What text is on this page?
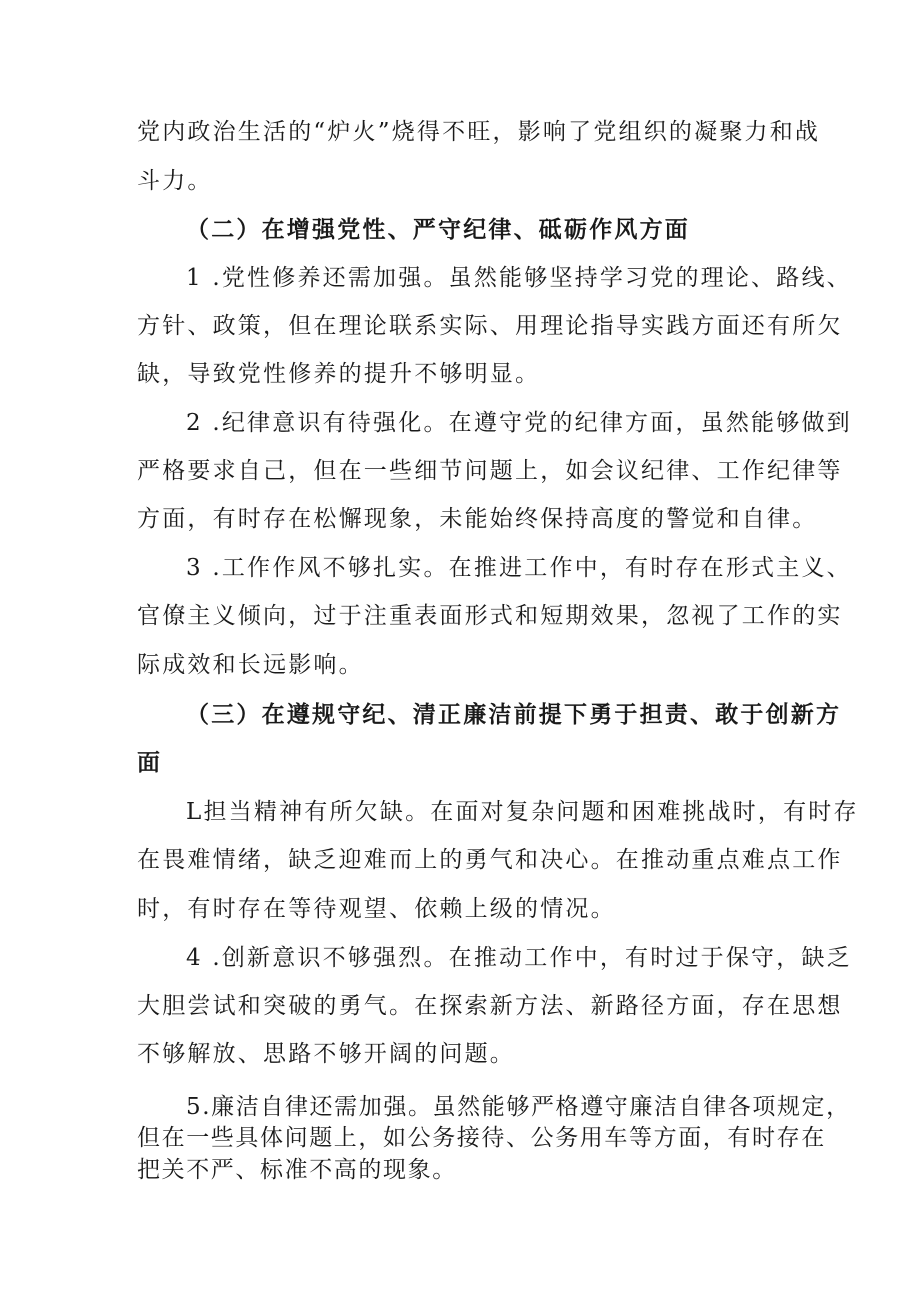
党内政治生活的“炉火”烧得不旺，影响了党组织的凝聚力和战
斗力。
（二）在增强党性、严守纪律、砥砺作风方面
1 .党性修养还需加强。虽然能够坚持学习党的理论、路线、
方针、政策，但在理论联系实际、用理论指导实践方面还有所欠
缺，导致党性修养的提升不够明显。
2 .纪律意识有待强化。在遵守党的纪律方面，虽然能够做到
严格要求自己，但在一些细节问题上，如会议纪律、工作纪律等
方面，有时存在松懈现象，未能始终保持高度的警觉和自律。
3 .工作作风不够扎实。在推进工作中，有时存在形式主义、
官僚主义倾向，过于注重表面形式和短期效果，忽视了工作的实
际成效和长远影响。
（三）在遵规守纪、清正廉洁前提下勇于担责、敢于创新方
面
L担当精神有所欠缺。在面对复杂问题和困难挑战时，有时存
在畏难情绪，缺乏迎难而上的勇气和决心。在推动重点难点工作
时，有时存在等待观望、依赖上级的情况。
4 .创新意识不够强烈。在推动工作中，有时过于保守，缺乏
大胆尝试和突破的勇气。在探索新方法、新路径方面，存在思想
不够解放、思路不够开阔的问题。
5.廉洁自律还需加强。虽然能够严格遵守廉洁自律各项规定，
但在一些具体问题上，如公务接待、公务用车等方面，有时存在
把关不严、标准不高的现象。
